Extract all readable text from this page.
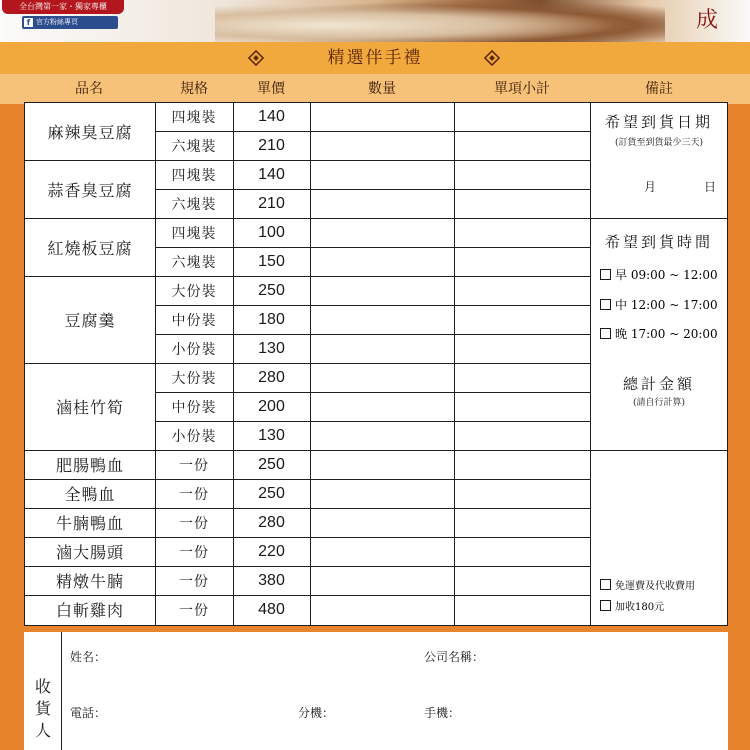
全台灣第一家・獨家專櫃
f 官方粉絲專頁	成
精選伴手禮
品名	規格	單價	數量	單項小計	備註
麻辣臭豆腐
四塊裝	140
六塊裝	210
蒜香臭豆腐
四塊裝	140
六塊裝	210
紅燒板豆腐
四塊裝	100
六塊裝	150
豆腐羹
大份裝	250
中份裝	180
小份裝	130
滷桂竹筍
大份裝	280
中份裝	200
小份裝	130
肥腸鴨血	一份	250
全鴨血	一份	250
牛腩鴨血	一份	280
滷大腸頭	一份	220
精燉牛腩	一份	380
白斬雞肉	一份	480
希望到貨日期
(訂貨至到貨最少三天)
月	日
希望到貨時間
早 09:00 ~ 12:00
中 12:00 ~ 17:00
晚 17:00 ~ 20:00
總計金額
(請自行計算)
免運費及代收費用
加收180元
收
貨
人
姓名：	公司名稱：
電話：	分機：	手機：
